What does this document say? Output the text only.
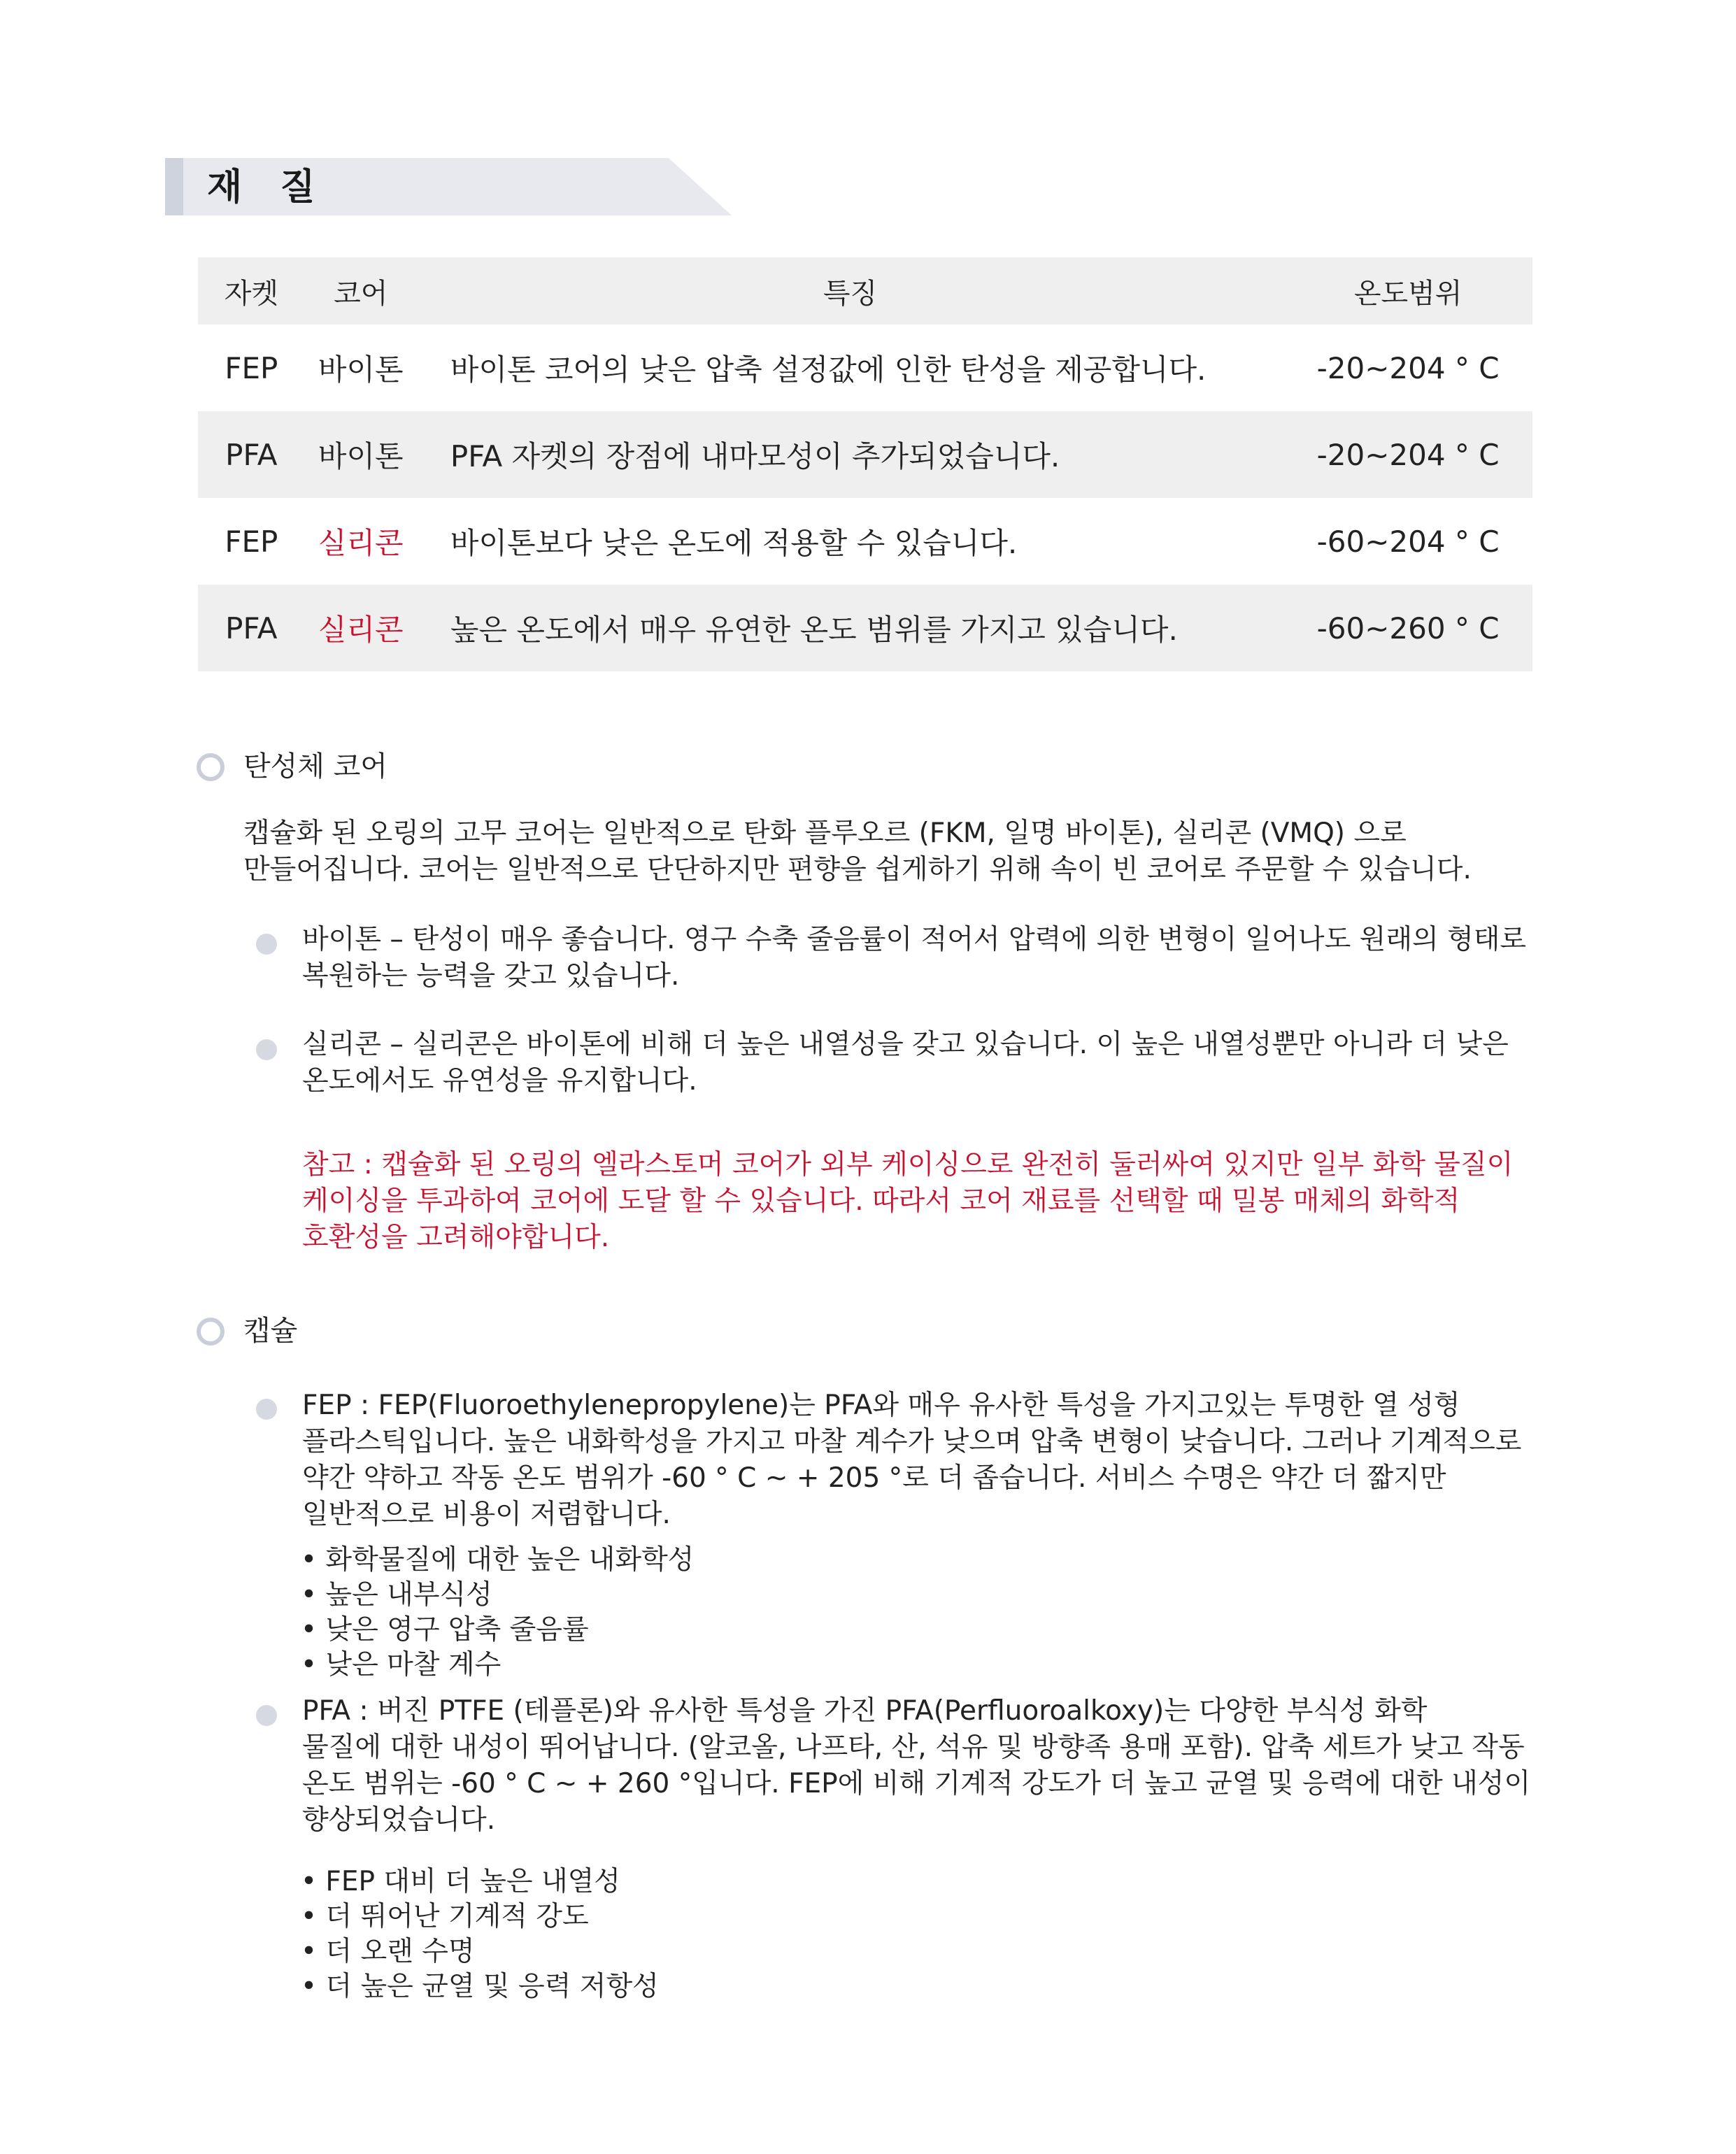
재 질
자켓	코어	특징	온도범위
FEP	바이톤	바이톤 코어의 낮은 압축 설정값에 인한 탄성을 제공합니다.	-20~204 ° C
PFA	바이톤	PFA 자켓의 장점에 내마모성이 추가되었습니다.	-20~204 ° C
FEP	실리콘	바이톤보다 낮은 온도에 적용할 수 있습니다.	-60~204 ° C
PFA	실리콘	높은 온도에서 매우 유연한 온도 범위를 가지고 있습니다.	-60~260 ° C
탄성체 코어
캡슐화 된 오링의 고무 코어는 일반적으로 탄화 플루오르 (FKM, 일명 바이톤), 실리콘 (VMQ) 으로
만들어집니다. 코어는 일반적으로 단단하지만 편향을 쉽게하기 위해 속이 빈 코어로 주문할 수 있습니다.
바이톤 – 탄성이 매우 좋습니다. 영구 수축 줄음률이 적어서 압력에 의한 변형이 일어나도 원래의 형태로
복원하는 능력을 갖고 있습니다.
실리콘 – 실리콘은 바이톤에 비해 더 높은 내열성을 갖고 있습니다. 이 높은 내열성뿐만 아니라 더 낮은
온도에서도 유연성을 유지합니다.
참고 : 캡슐화 된 오링의 엘라스토머 코어가 외부 케이싱으로 완전히 둘러싸여 있지만 일부 화학 물질이
케이싱을 투과하여 코어에 도달 할 수 있습니다. 따라서 코어 재료를 선택할 때 밀봉 매체의 화학적
호환성을 고려해야합니다.
캡슐
FEP : FEP(Fluoroethylenepropylene)는 PFA와 매우 유사한 특성을 가지고있는 투명한 열 성형
플라스틱입니다. 높은 내화학성을 가지고 마찰 계수가 낮으며 압축 변형이 낮습니다. 그러나 기계적으로
약간 약하고 작동 온도 범위가 -60 ° C ~ + 205 °로 더 좁습니다. 서비스 수명은 약간 더 짧지만
일반적으로 비용이 저렴합니다.
• 화학물질에 대한 높은 내화학성
• 높은 내부식성
• 낮은 영구 압축 줄음률
• 낮은 마찰 계수
PFA : 버진 PTFE (테플론)와 유사한 특성을 가진 PFA(Perfluoroalkoxy)는 다양한 부식성 화학
물질에 대한 내성이 뛰어납니다. (알코올, 나프타, 산, 석유 및 방향족 용매 포함). 압축 세트가 낮고 작동
온도 범위는 -60 ° C ~ + 260 °입니다. FEP에 비해 기계적 강도가 더 높고 균열 및 응력에 대한 내성이
향상되었습니다.
• FEP 대비 더 높은 내열성
• 더 뛰어난 기계적 강도
• 더 오랜 수명
• 더 높은 균열 및 응력 저항성
